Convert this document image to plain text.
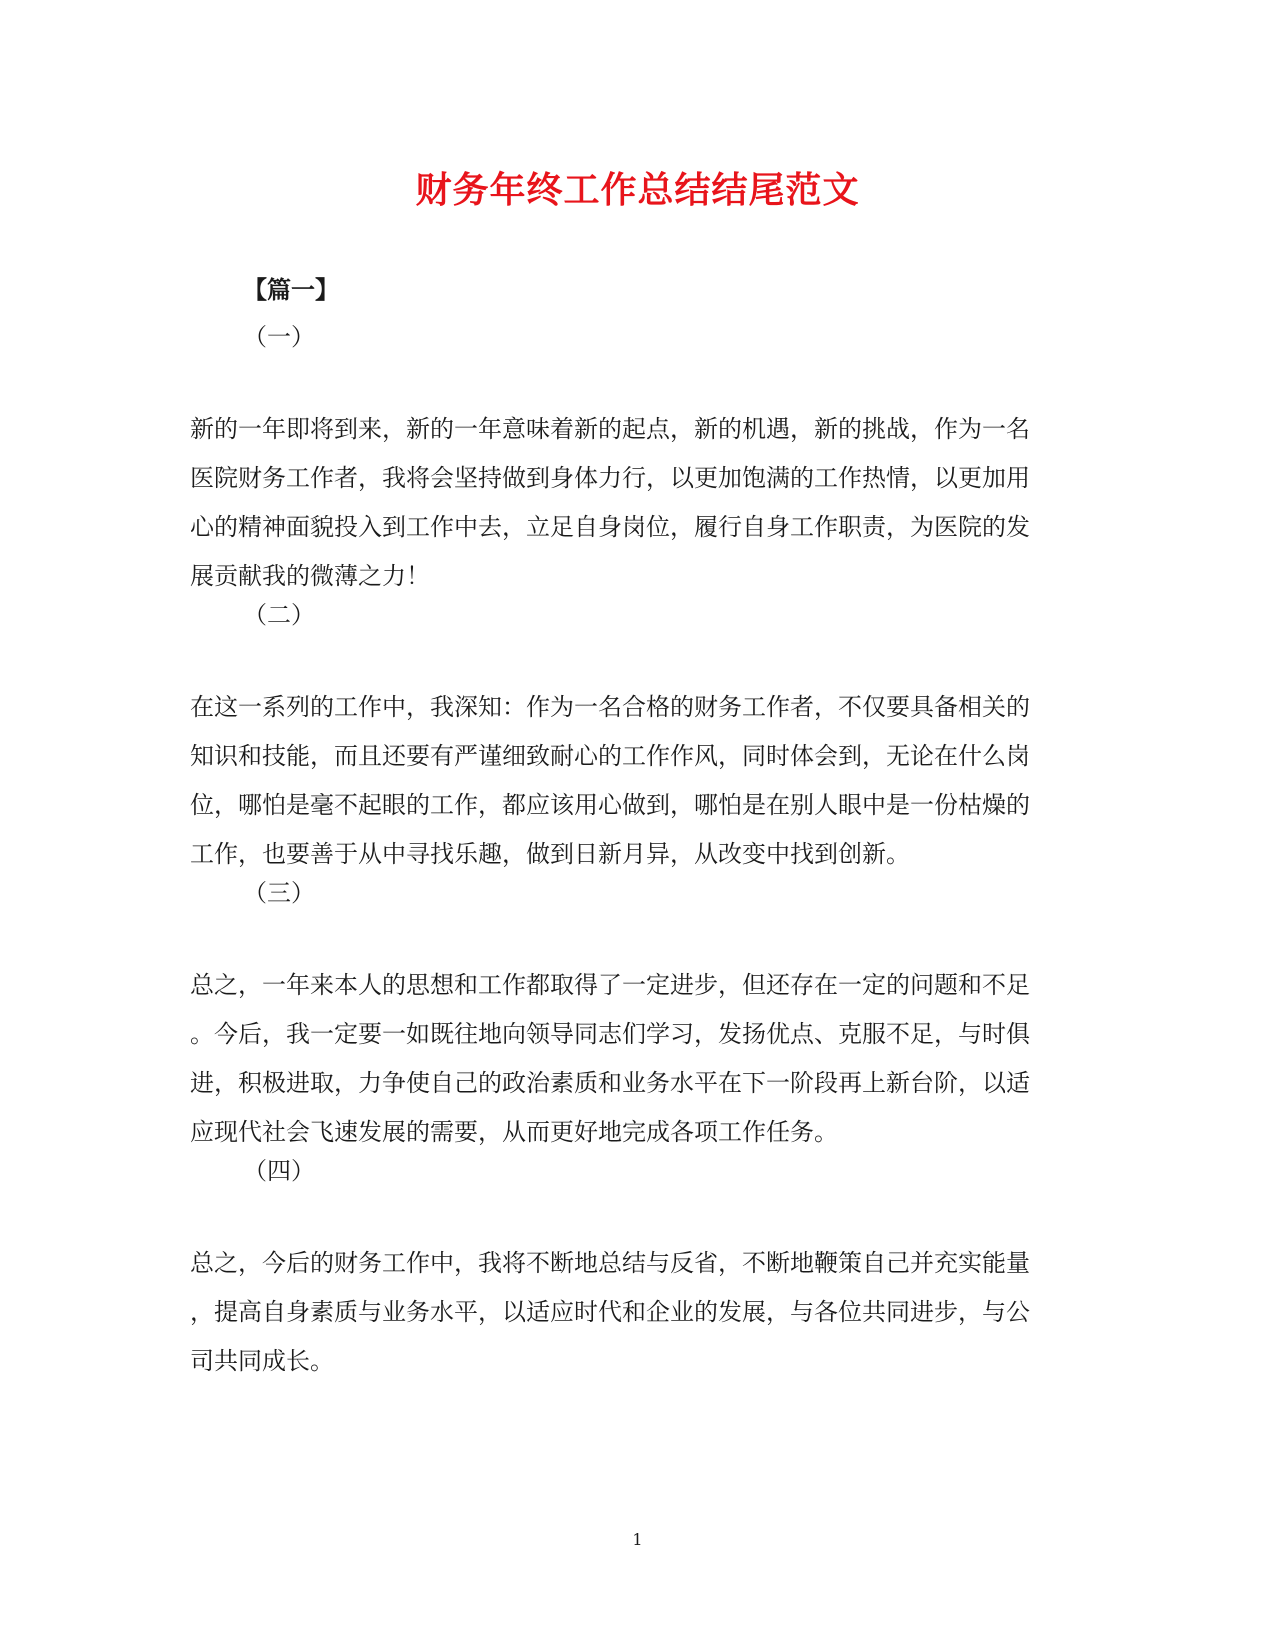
财务年终工作总结结尾范文

【篇一】

（一）

新的一年即将到来，新的一年意味着新的起点，新的机遇，新的挑战，作为一名
医院财务工作者，我将会坚持做到身体力行，以更加饱满的工作热情，以更加用
心的精神面貌投入到工作中去，立足自身岗位，履行自身工作职责，为医院的发
展贡献我的微薄之力！

（二）

在这一系列的工作中，我深知：作为一名合格的财务工作者，不仅要具备相关的
知识和技能，而且还要有严谨细致耐心的工作作风，同时体会到，无论在什么岗
位，哪怕是毫不起眼的工作，都应该用心做到，哪怕是在别人眼中是一份枯燥的
工作，也要善于从中寻找乐趣，做到日新月异，从改变中找到创新。

（三）

总之，一年来本人的思想和工作都取得了一定进步，但还存在一定的问题和不足
。今后，我一定要一如既往地向领导同志们学习，发扬优点、克服不足，与时俱
进，积极进取，力争使自己的政治素质和业务水平在下一阶段再上新台阶，以适
应现代社会飞速发展的需要，从而更好地完成各项工作任务。

（四）

总之，今后的财务工作中，我将不断地总结与反省，不断地鞭策自己并充实能量
，提高自身素质与业务水平，以适应时代和企业的发展，与各位共同进步，与公
司共同成长。

1
